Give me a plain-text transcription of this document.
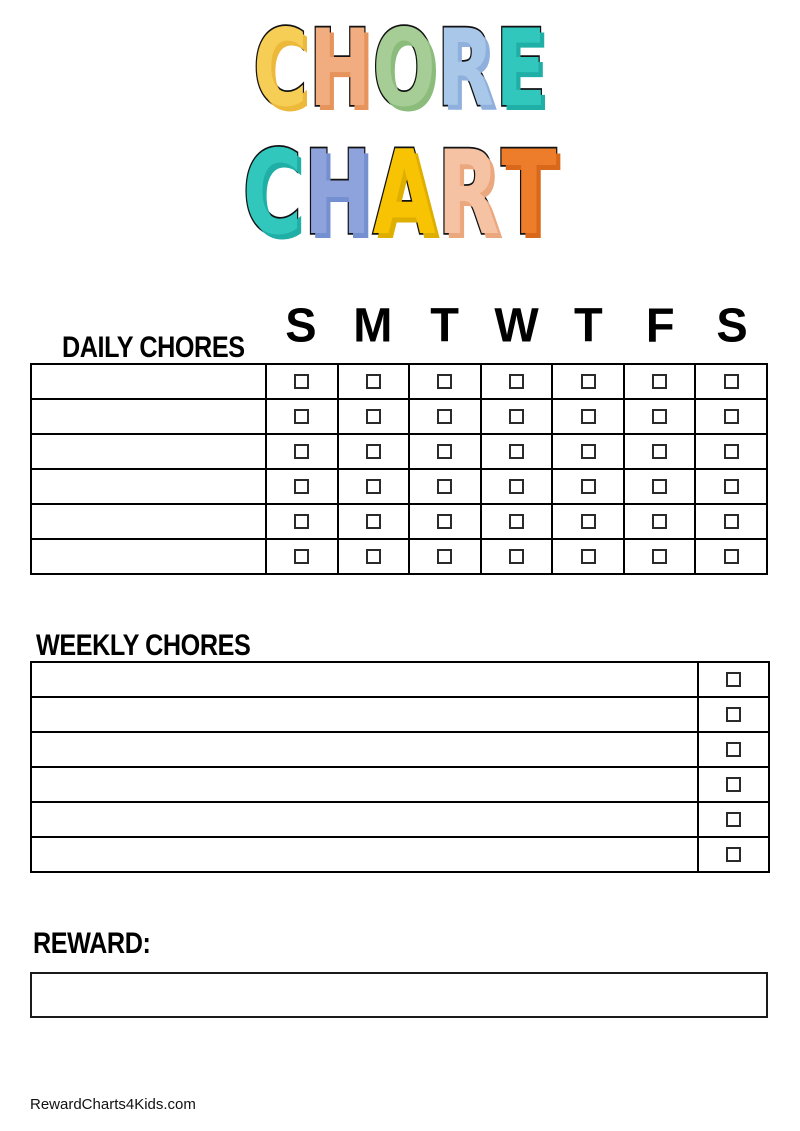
C H O R E
C H A R T
DAILY CHORES S M T W T F S

WEEKLY CHORES

REWARD:
RewardCharts4Kids.com
